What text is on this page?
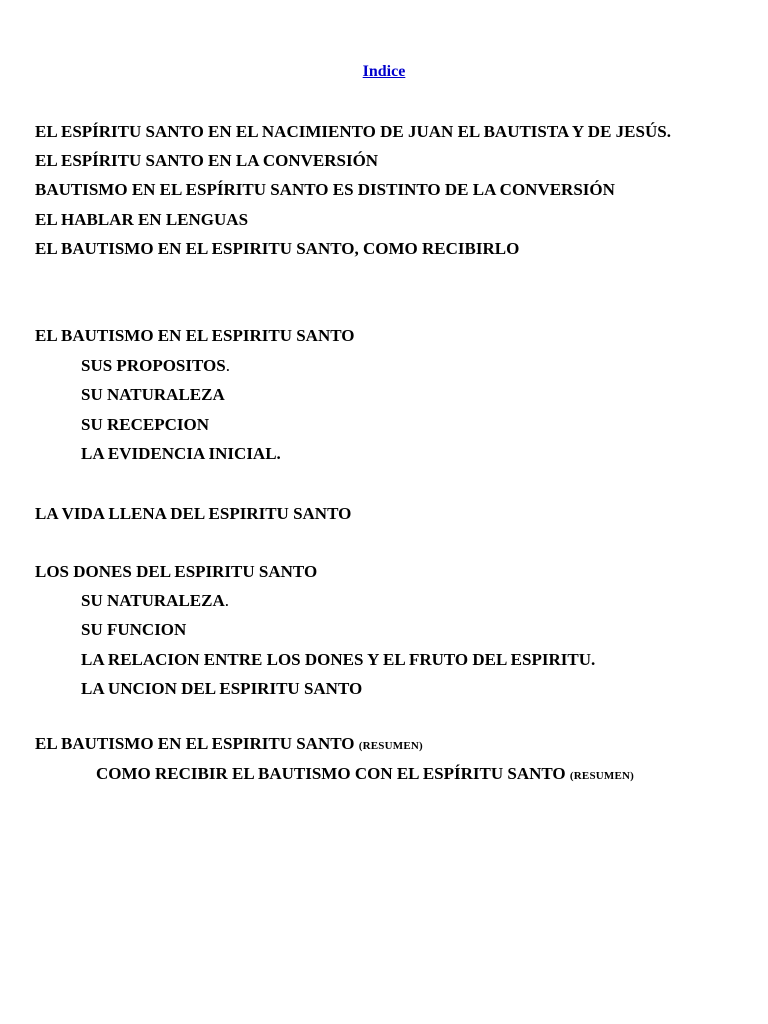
Indice
EL ESPÍRITU SANTO EN EL NACIMIENTO DE JUAN EL BAUTISTA Y DE JESÚS.
EL ESPÍRITU SANTO EN LA CONVERSIÓN
BAUTISMO EN EL ESPÍRITU SANTO ES DISTINTO DE LA CONVERSIÓN
EL HABLAR EN LENGUAS
EL BAUTISMO EN EL ESPIRITU SANTO, COMO RECIBIRLO
EL BAUTISMO EN EL ESPIRITU SANTO
SUS PROPOSITOS.
SU NATURALEZA
SU RECEPCION
LA EVIDENCIA INICIAL.
LA VIDA LLENA DEL ESPIRITU SANTO
LOS DONES DEL ESPIRITU SANTO
SU NATURALEZA.
SU FUNCION
LA RELACION ENTRE LOS DONES Y EL FRUTO DEL ESPIRITU.
LA UNCION DEL ESPIRITU SANTO
EL BAUTISMO EN EL ESPIRITU SANTO (RESUMEN)
COMO RECIBIR EL BAUTISMO CON EL ESPÍRITU SANTO (RESUMEN)
